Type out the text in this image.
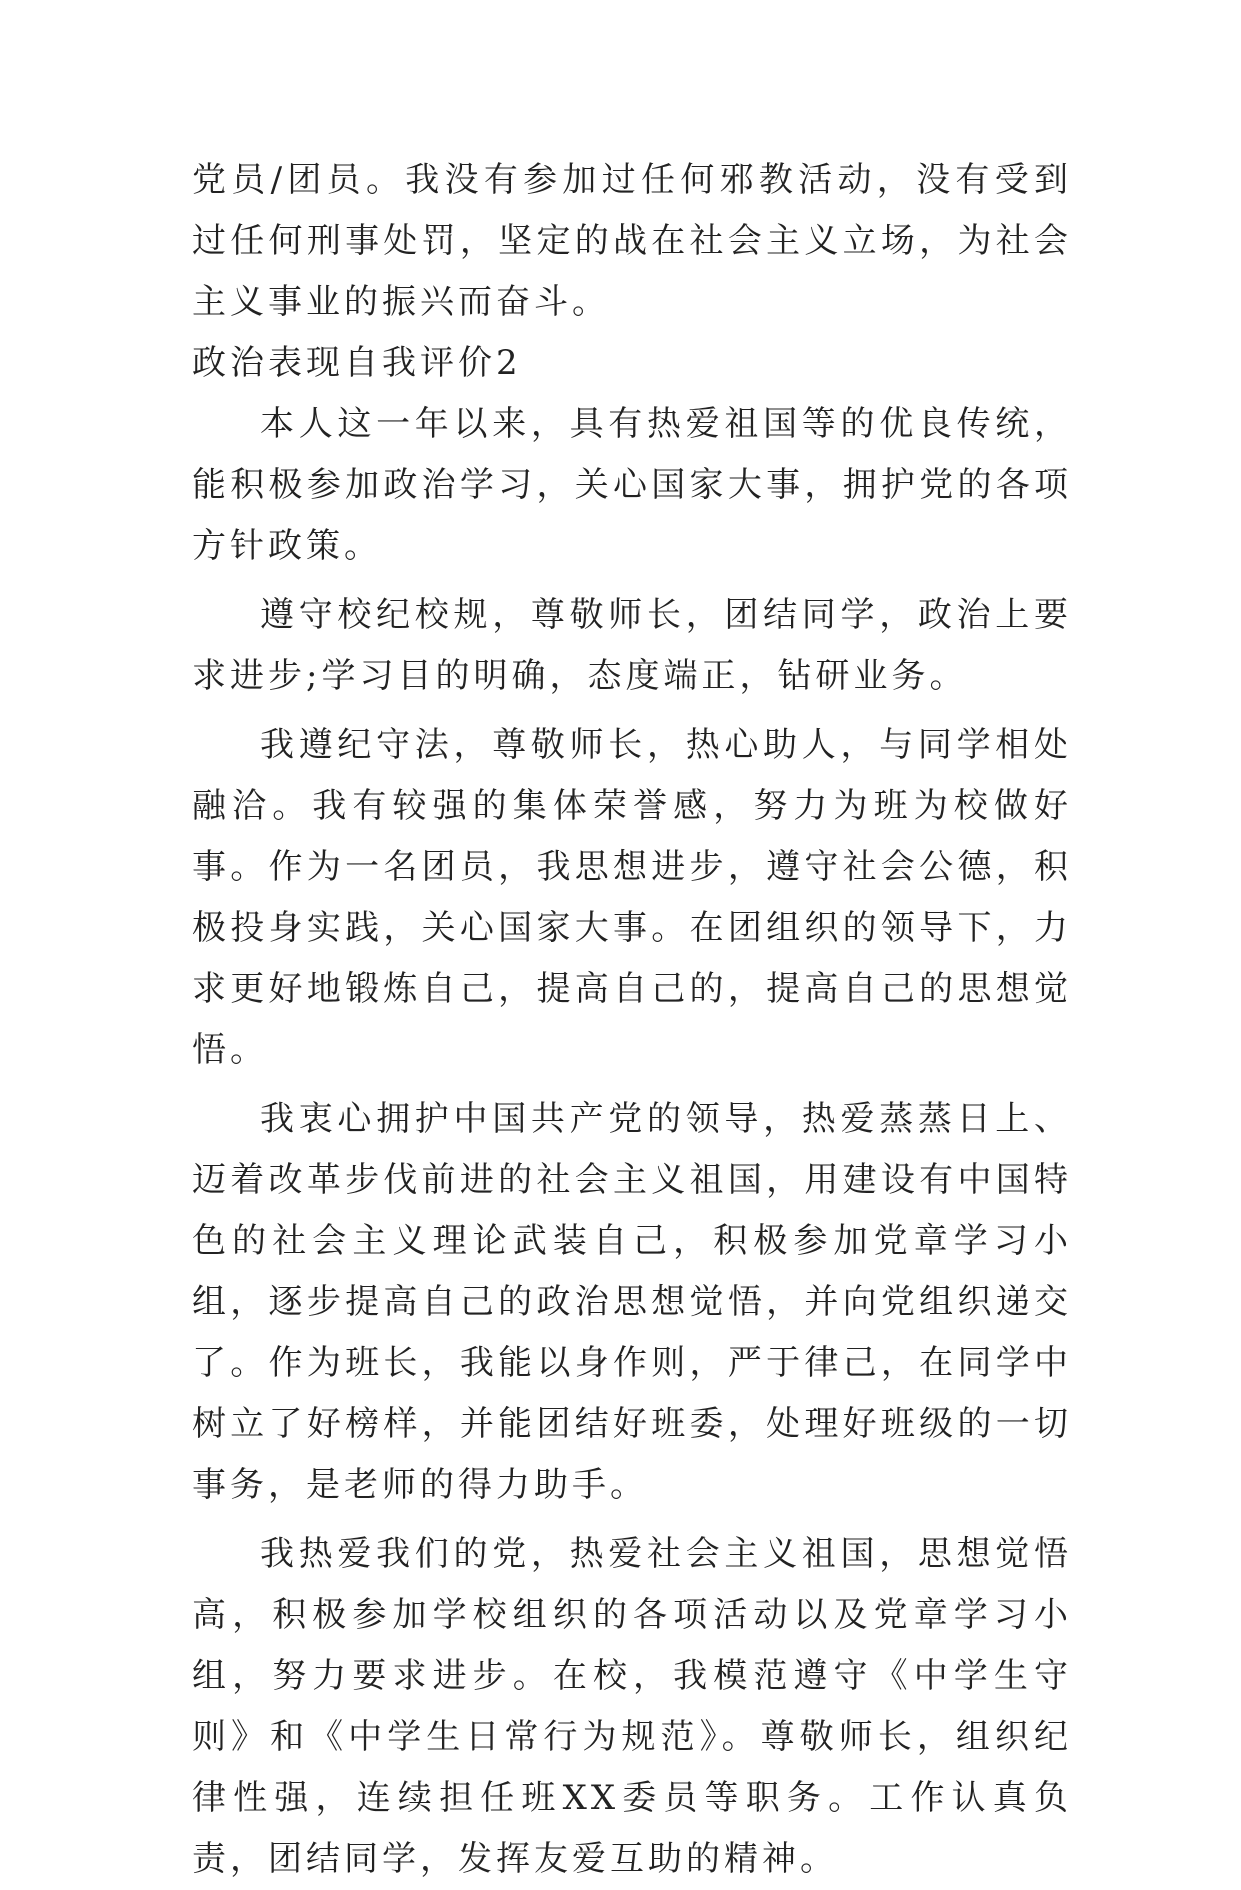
党员/团员。我没有参加过任何邪教活动，没有受到过任何刑事处罚，坚定的战在社会主义立场，为社会主义事业的振兴而奋斗。

政治表现自我评价2

本人这一年以来，具有热爱祖国等的优良传统，能积极参加政治学习，关心国家大事，拥护党的各项方针政策。

遵守校纪校规，尊敬师长，团结同学，政治上要求进步;学习目的明确，态度端正，钻研业务。

我遵纪守法，尊敬师长，热心助人，与同学相处融洽。我有较强的集体荣誉感，努力为班为校做好事。作为一名团员，我思想进步，遵守社会公德，积极投身实践，关心国家大事。在团组织的领导下，力求更好地锻炼自己，提高自己的，提高自己的思想觉悟。

我衷心拥护中国共产党的领导，热爱蒸蒸日上、迈着改革步伐前进的社会主义祖国，用建设有中国特色的社会主义理论武装自己，积极参加党章学习小组，逐步提高自己的政治思想觉悟，并向党组织递交了。作为班长，我能以身作则，严于律己，在同学中树立了好榜样，并能团结好班委，处理好班级的一切事务，是老师的得力助手。

我热爱我们的党，热爱社会主义祖国，思想觉悟高，积极参加学校组织的各项活动以及党章学习小组，努力要求进步。在校，我模范遵守《中学生守则》和《中学生日常行为规范》。尊敬师长，组织纪律性强，连续担任班XX委员等职务。工作认真负责，团结同学，发挥友爱互助的精神。
